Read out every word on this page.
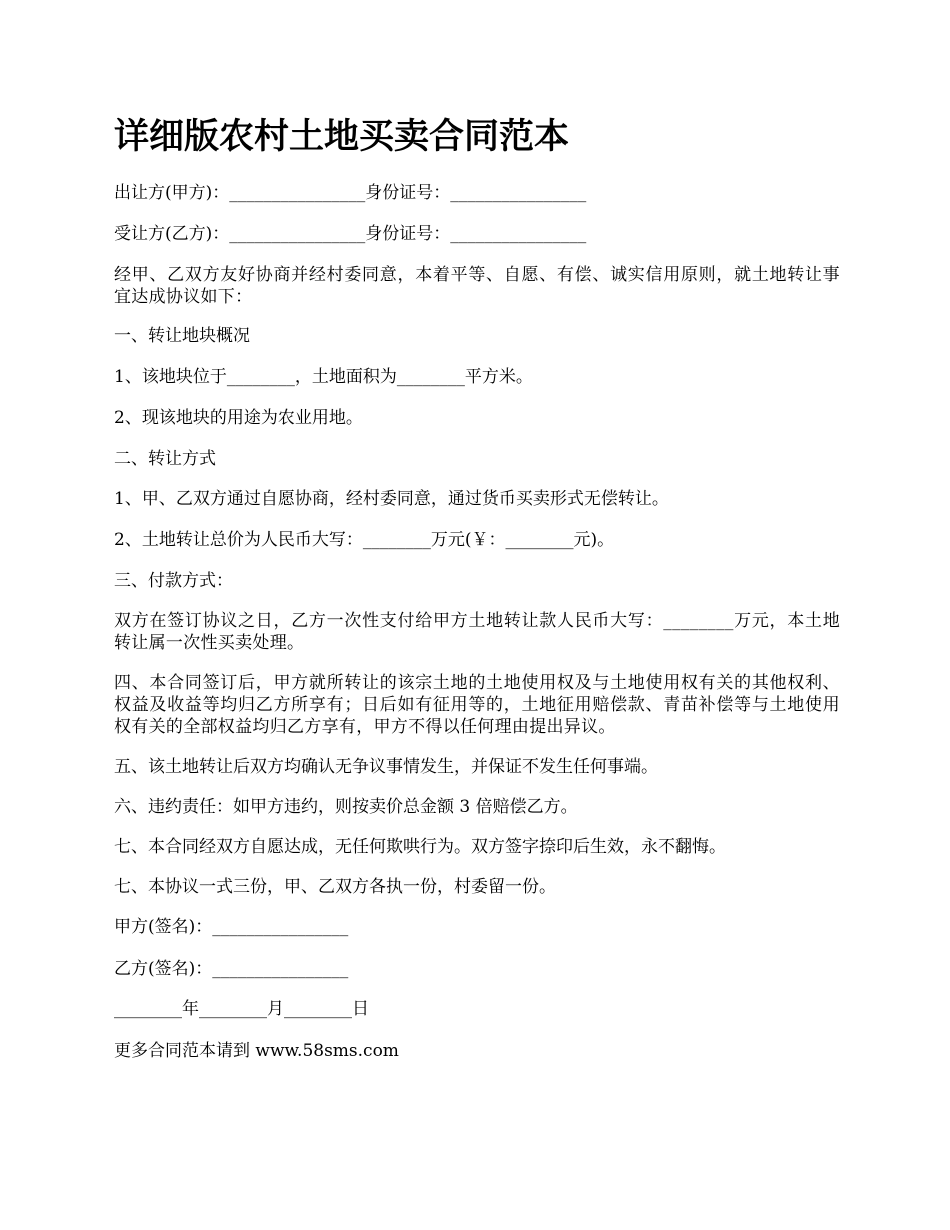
详细版农村土地买卖合同范本

出让方(甲方)：________________身份证号：________________

受让方(乙方)：________________身份证号：________________

经甲、乙双方友好协商并经村委同意，本着平等、自愿、有偿、诚实信用原则，就土地转让事宜达成协议如下：

一、转让地块概况

1、该地块位于________，土地面积为________平方米。

2、现该地块的用途为农业用地。

二、转让方式

1、甲、乙双方通过自愿协商，经村委同意，通过货币买卖形式无偿转让。

2、土地转让总价为人民币大写：________万元(￥：________元)。

三、付款方式：

双方在签订协议之日，乙方一次性支付给甲方土地转让款人民币大写：________万元，本土地转让属一次性买卖处理。

四、本合同签订后，甲方就所转让的该宗土地的土地使用权及与土地使用权有关的其他权利、权益及收益等均归乙方所享有；日后如有征用等的，土地征用赔偿款、青苗补偿等与土地使用权有关的全部权益均归乙方享有，甲方不得以任何理由提出异议。

五、该土地转让后双方均确认无争议事情发生，并保证不发生任何事端。

六、违约责任：如甲方违约，则按卖价总金额 3 倍赔偿乙方。

七、本合同经双方自愿达成，无任何欺哄行为。双方签字捺印后生效，永不翻悔。

七、本协议一式三份，甲、乙双方各执一份，村委留一份。

甲方(签名)：________________

乙方(签名)：________________

________年________月________日

更多合同范本请到 www.58sms.com
